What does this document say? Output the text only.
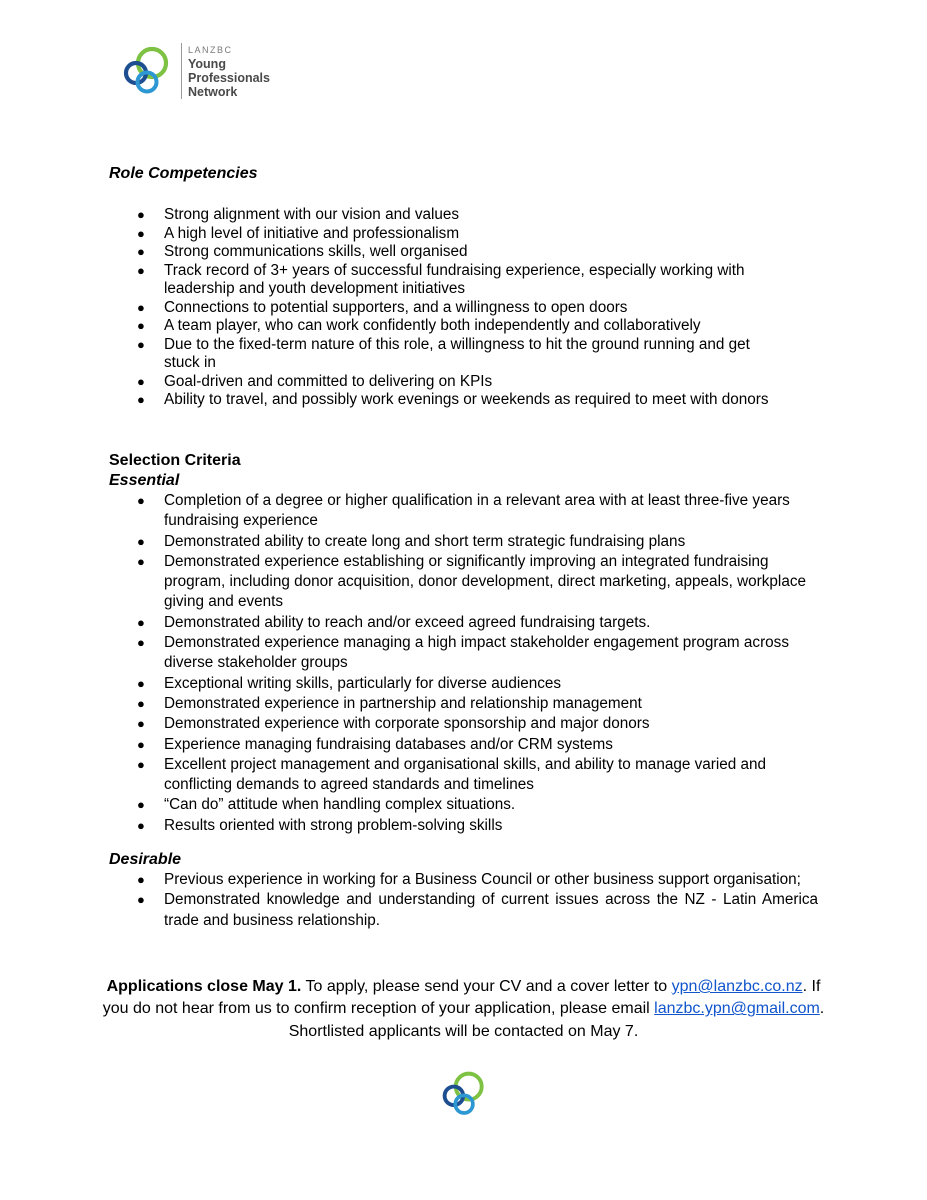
LANZBC
Young
Professionals
Network
Role Competencies
● Strong alignment with our vision and values
● A high level of initiative and professionalism
● Strong communications skills, well organised
● Track record of 3+ years of successful fundraising experience, especially working with leadership and youth development initiatives
● Connections to potential supporters, and a willingness to open doors
● A team player, who can work confidently both independently and collaboratively
● Due to the fixed-term nature of this role, a willingness to hit the ground running and get stuck in
● Goal-driven and committed to delivering on KPIs
● Ability to travel, and possibly work evenings or weekends as required to meet with donors
Selection Criteria
Essential
● Completion of a degree or higher qualification in a relevant area with at least three-five years fundraising experience
● Demonstrated ability to create long and short term strategic fundraising plans
● Demonstrated experience establishing or significantly improving an integrated fundraising program, including donor acquisition, donor development, direct marketing, appeals, workplace giving and events
● Demonstrated ability to reach and/or exceed agreed fundraising targets.
● Demonstrated experience managing a high impact stakeholder engagement program across diverse stakeholder groups
● Exceptional writing skills, particularly for diverse audiences
● Demonstrated experience in partnership and relationship management
● Demonstrated experience with corporate sponsorship and major donors
● Experience managing fundraising databases and/or CRM systems
● Excellent project management and organisational skills, and ability to manage varied and conflicting demands to agreed standards and timelines
● “Can do” attitude when handling complex situations.
● Results oriented with strong problem-solving skills
Desirable
● Previous experience in working for a Business Council or other business support organisation;
● Demonstrated knowledge and understanding of current issues across the NZ - Latin America trade and business relationship.
Applications close May 1. To apply, please send your CV and a cover letter to ypn@lanzbc.co.nz. If you do not hear from us to confirm reception of your application, please email lanzbc.ypn@gmail.com. Shortlisted applicants will be contacted on May 7.
